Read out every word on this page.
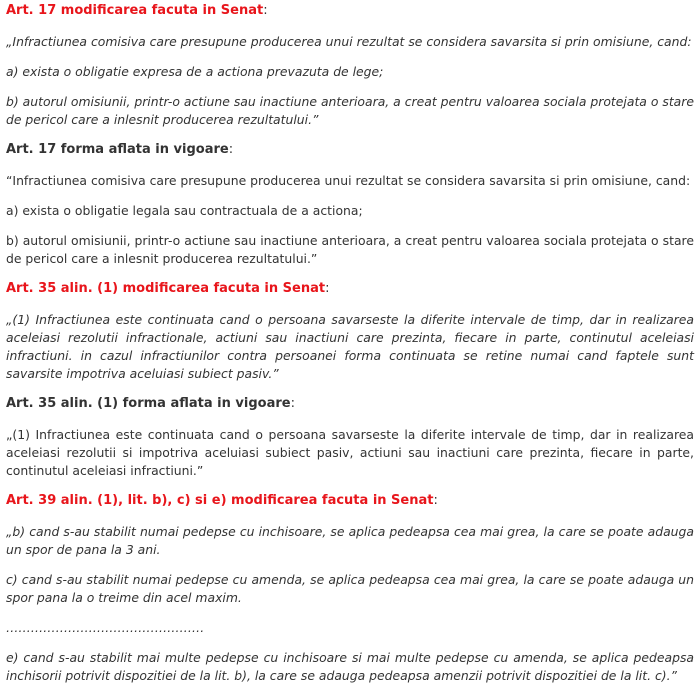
Art. 17 modificarea facuta in Senat:

„Infractiunea comisiva care presupune producerea unui rezultat se considera savarsita si prin omisiune, cand:

a) exista o obligatie expresa de a actiona prevazuta de lege;

b) autorul omisiunii, printr-o actiune sau inactiune anterioara, a creat pentru valoarea sociala protejata o stare de pericol care a inlesnit producerea rezultatului.”

Art. 17 forma aflata in vigoare:

“Infractiunea comisiva care presupune producerea unui rezultat se considera savarsita si prin omisiune, cand:

a) exista o obligatie legala sau contractuala de a actiona;

b) autorul omisiunii, printr-o actiune sau inactiune anterioara, a creat pentru valoarea sociala protejata o stare de pericol care a inlesnit producerea rezultatului.”

Art. 35 alin. (1) modificarea facuta in Senat:

„(1) Infractiunea este continuata cand o persoana savarseste la diferite intervale de timp, dar in realizarea aceleiasi rezolutii infractionale, actiuni sau inactiuni care prezinta, fiecare in parte, continutul aceleiasi infractiuni. in cazul infractiunilor contra persoanei forma continuata se retine numai cand faptele sunt savarsite impotriva aceluiasi subiect pasiv.”

Art. 35 alin. (1) forma aflata in vigoare:

„(1) Infractiunea este continuata cand o persoana savarseste la diferite intervale de timp, dar in realizarea aceleiasi rezolutii si impotriva aceluiasi subiect pasiv, actiuni sau inactiuni care prezinta, fiecare in parte, continutul aceleiasi infractiuni.”

Art. 39 alin. (1), lit. b), c) si e) modificarea facuta in Senat:

„b) cand s-au stabilit numai pedepse cu inchisoare, se aplica pedeapsa cea mai grea, la care se poate adauga un spor de pana la 3 ani.

c) cand s-au stabilit numai pedepse cu amenda, se aplica pedeapsa cea mai grea, la care se poate adauga un spor pana la o treime din acel maxim.

…………………………………………

e) cand s-au stabilit mai multe pedepse cu inchisoare si mai multe pedepse cu amenda, se aplica pedeapsa inchisorii potrivit dispozitiei de la lit. b), la care se adauga pedeapsa amenzii potrivit dispozitiei de la lit. c).”
